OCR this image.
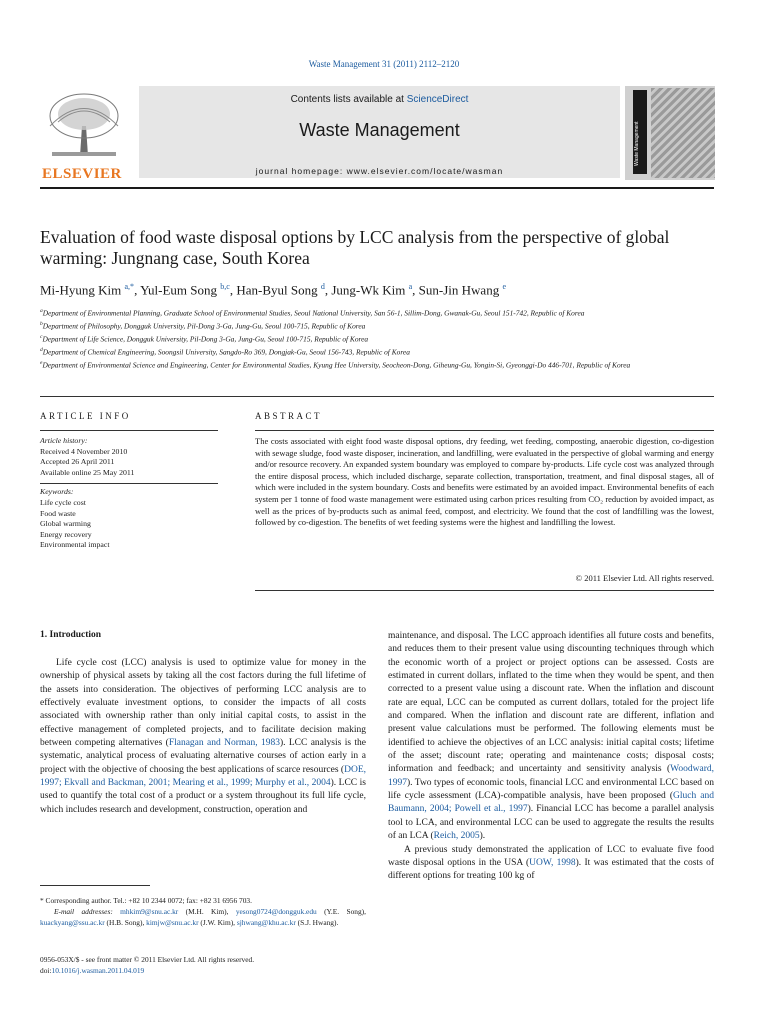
Waste Management 31 (2011) 2112–2120
ELSEVIER
Contents lists available at ScienceDirect
Waste Management
journal homepage: www.elsevier.com/locate/wasman
Waste Management
Evaluation of food waste disposal options by LCC analysis from the perspective of global warming: Jungnang case, South Korea
Mi-Hyung Kim $^{a,*}$, Yul-Eum Song $^{b,c}$, Han-Byul Song $^d$, Jung-Wk Kim $^a$, Sun-Jin Hwang $^e$
$^a$Department of Environmental Planning, Graduate School of Environmental Studies, Seoul National University, San 56-1, Sillim-Dong, Gwanak-Gu, Seoul 151-742, Republic of Korea
$^b$Department of Philosophy, Dongguk University, Pil-Dong 3-Ga, Jung-Gu, Seoul 100-715, Republic of Korea
$^c$Department of Life Science, Dongguk University, Pil-Dong 3-Ga, Jung-Gu, Seoul 100-715, Republic of Korea
$^d$Department of Chemical Engineering, Soongsil University, Sangdo-Ro 369, Dongjak-Gu, Seoul 156-743, Republic of Korea
$^e$Department of Environmental Science and Engineering, Center for Environmental Studies, Kyung Hee University, Seocheon-Dong, Giheung-Gu, Yongin-Si, Gyeonggi-Do 446-701, Republic of Korea
ARTICLE INFO	ABSTRACT
Article history:
Received 4 November 2010
Accepted 26 April 2011
Available online 25 May 2011
Keywords:
Life cycle cost
Food waste
Global warming
Energy recovery
Environmental impact
The costs associated with eight food waste disposal options, dry feeding, wet feeding, composting, anaerobic digestion, co-digestion with sewage sludge, food waste disposer, incineration, and landfilling, were evaluated in the perspective of global warming and energy and/or resource recovery. An expanded system boundary was employed to compare by-products. Life cycle cost was analyzed through the entire disposal process, which included discharge, separate collection, transportation, treatment, and final disposal stages, all of which were included in the system boundary. Costs and benefits were estimated by an avoided impact. Environmental benefits of each system per 1 tonne of food waste management were estimated using carbon prices resulting from CO₂ reduction by avoided impact, as well as the prices of by-products such as animal feed, compost, and electricity. We found that the cost of landfilling was the lowest, followed by co-digestion. The benefits of wet feeding systems were the highest and landfilling the lowest.
© 2011 Elsevier Ltd. All rights reserved.
1. Introduction

Life cycle cost (LCC) analysis is used to optimize value for money in the ownership of physical assets by taking all the cost factors during the full lifetime of the assets into consideration. The objectives of performing LCC analysis are to effectively evaluate investment options, to consider the impacts of all costs associated with ownership rather than only initial capital costs, to assist in the effective management of completed projects, and to facilitate decision making between competing alternatives (Flanagan and Norman, 1983). LCC analysis is the systematic, analytical process of evaluating alternative courses of action early in a project with the objective of choosing the best applications of scarce resources (DOE, 1997; Ekvall and Backman, 2001; Mearing et al., 1999; Murphy et al., 2004). LCC is used to quantify the total cost of a product or a system throughout its full life cycle, which includes research and development, construction, operation and

maintenance, and disposal. The LCC approach identifies all future costs and benefits, and reduces them to their present value using discounting techniques through which the economic worth of a project or project options can be assessed. Costs are estimated in current dollars, inflated to the time when they would be spent, and then corrected to a present value using a discount rate. When the inflation and discount rate are equal, LCC can be computed as current dollars, totaled for the project life and compared. When the inflation and discount rate are different, inflation and present value calculations must be performed. The following elements must be identified to achieve the objectives of an LCC analysis: initial capital costs; lifetime of the asset; discount rate; operating and maintenance costs; disposal costs; information and feedback; and uncertainty and sensitivity analysis (Woodward, 1997). Two types of economic tools, financial LCC and environmental LCC based on life cycle assessment (LCA)-compatible analysis, have been proposed (Gluch and Baumann, 2004; Powell et al., 1997). Financial LCC has become a parallel analysis tool to LCA, and environmental LCC can be used to aggregate the results the results of an LCA (Reich, 2005).

A previous study demonstrated the application of LCC to evaluate five food waste disposal options in the USA (UOW, 1998). It was estimated that the costs of different options for treating 100 kg of

* Corresponding author. Tel.: +82 10 2344 0072; fax: +82 31 6956 703.
E-mail addresses: mhkim9@snu.ac.kr (M.H. Kim), yesong0724@dongguk.edu (Y.E. Song), kuackyang@ssu.ac.kr (H.B. Song), kimjw@snu.ac.kr (J.W. Kim), sjhwang@khu.ac.kr (S.J. Hwang).
0956-053X/$ - see front matter © 2011 Elsevier Ltd. All rights reserved.
doi:10.1016/j.wasman.2011.04.019
